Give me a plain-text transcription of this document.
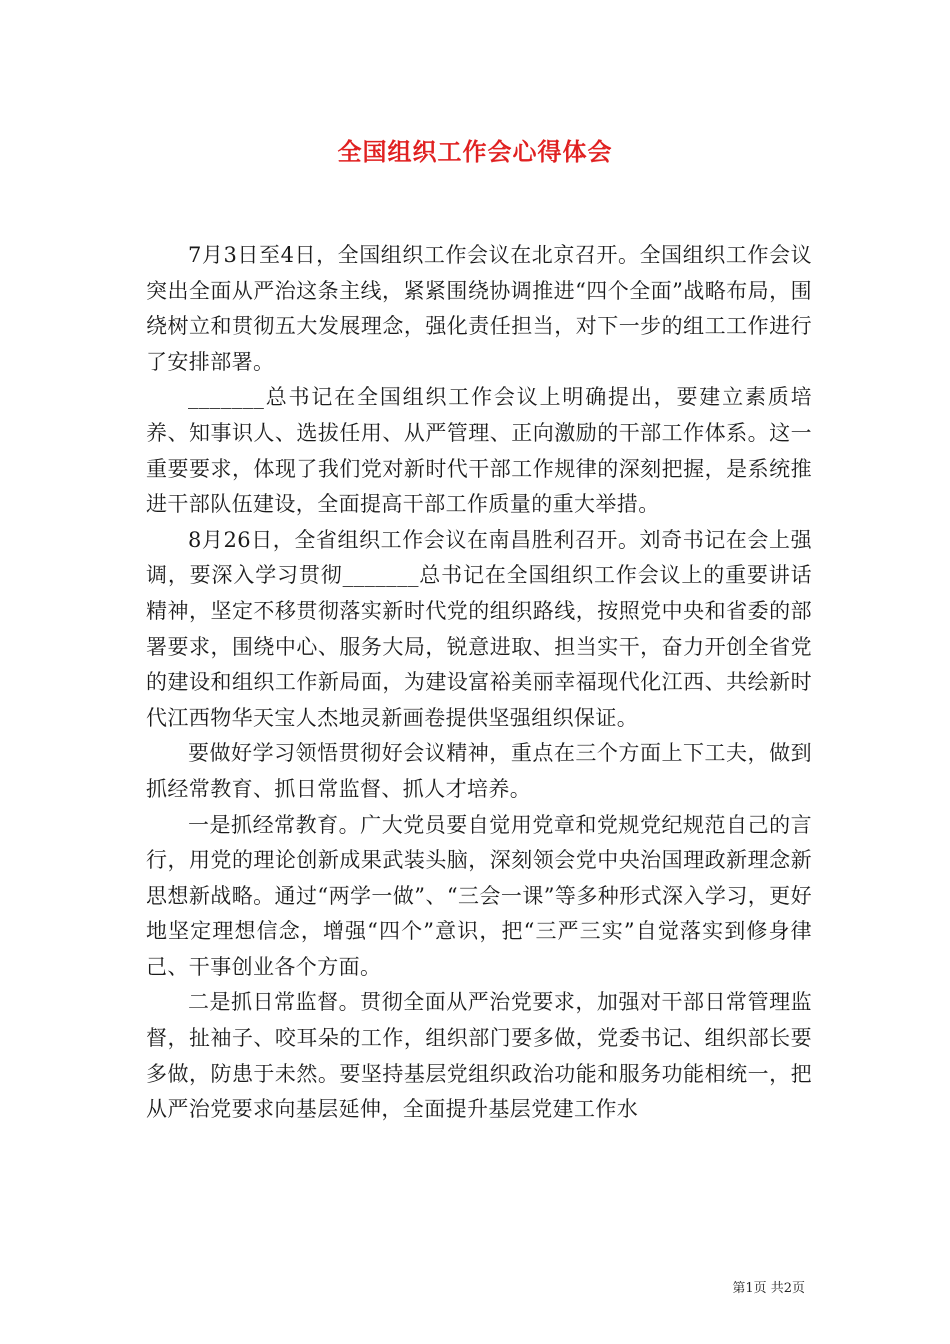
全国组织工作会心得体会

7月3日至4日，全国组织工作会议在北京召开。全国组织工作会议突出全面从严治这条主线，紧紧围绕协调推进“四个全面”战略布局，围绕树立和贯彻五大发展理念，强化责任担当，对下一步的组工工作进行了安排部署。

_______总书记在全国组织工作会议上明确提出，要建立素质培养、知事识人、选拔任用、从严管理、正向激励的干部工作体系。这一重要要求，体现了我们党对新时代干部工作规律的深刻把握，是系统推进干部队伍建设，全面提高干部工作质量的重大举措。

8月26日，全省组织工作会议在南昌胜利召开。刘奇书记在会上强调，要深入学习贯彻_______总书记在全国组织工作会议上的重要讲话精神，坚定不移贯彻落实新时代党的组织路线，按照党中央和省委的部署要求，围绕中心、服务大局，锐意进取、担当实干，奋力开创全省党的建设和组织工作新局面，为建设富裕美丽幸福现代化江西、共绘新时代江西物华天宝人杰地灵新画卷提供坚强组织保证。

要做好学习领悟贯彻好会议精神，重点在三个方面上下工夫，做到抓经常教育、抓日常监督、抓人才培养。

一是抓经常教育。广大党员要自觉用党章和党规党纪规范自己的言行，用党的理论创新成果武装头脑，深刻领会党中央治国理政新理念新思想新战略。通过“两学一做”、“三会一课”等多种形式深入学习，更好地坚定理想信念，增强“四个”意识，把“三严三实”自觉落实到修身律己、干事创业各个方面。

二是抓日常监督。贯彻全面从严治党要求，加强对干部日常管理监督，扯袖子、咬耳朵的工作，组织部门要多做，党委书记、组织部长要多做，防患于未然。要坚持基层党组织政治功能和服务功能相统一，把从严治党要求向基层延伸，全面提升基层党建工作水

第1页 共2页
